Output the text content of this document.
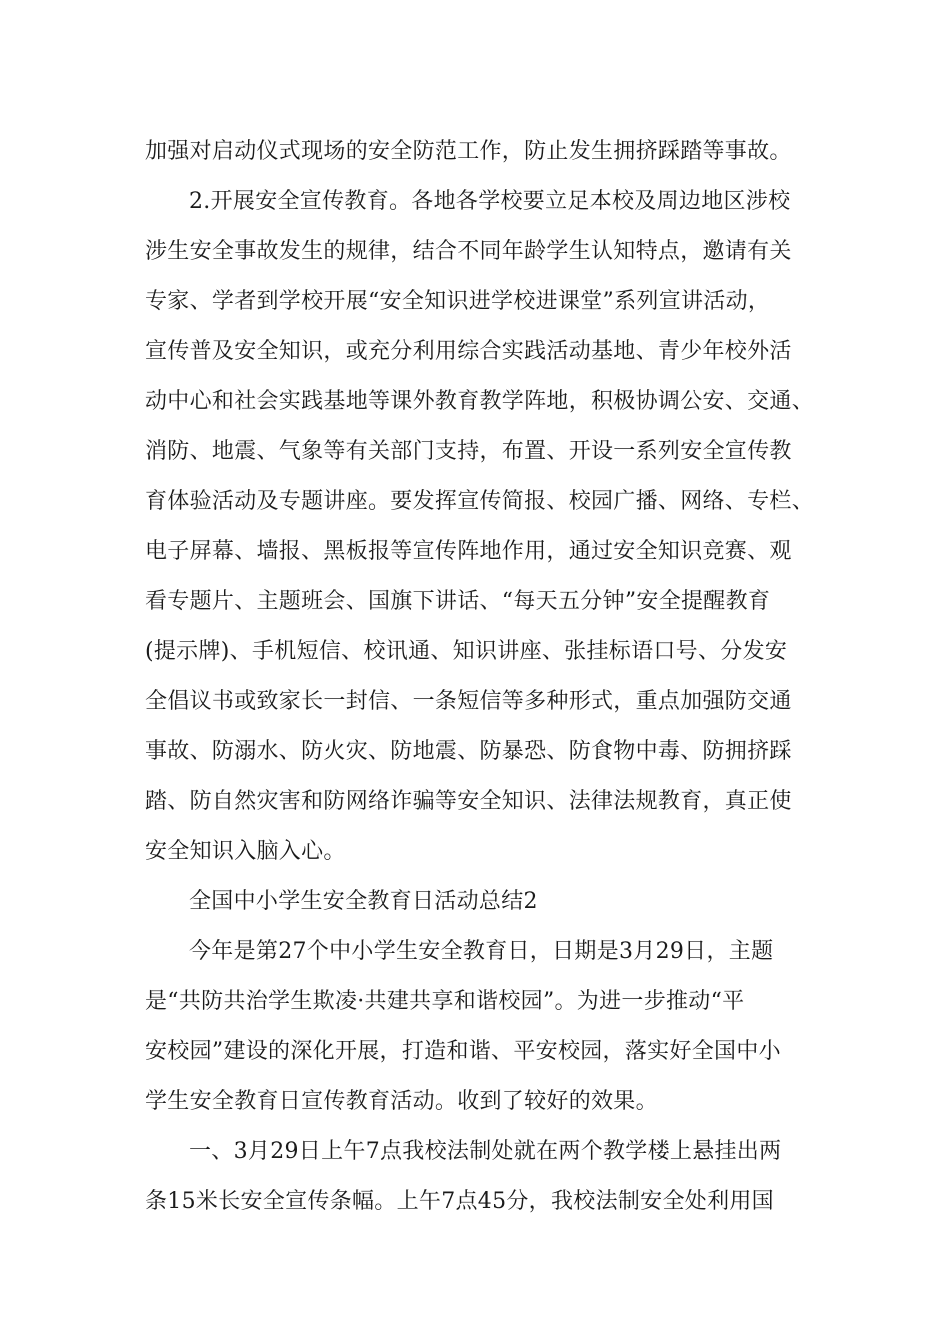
加强对启动仪式现场的安全防范工作，防止发生拥挤踩踏等事故。
2.开展安全宣传教育。各地各学校要立足本校及周边地区涉校
涉生安全事故发生的规律，结合不同年龄学生认知特点，邀请有关
专家、学者到学校开展“安全知识进学校进课堂”系列宣讲活动，
宣传普及安全知识，或充分利用综合实践活动基地、青少年校外活
动中心和社会实践基地等课外教育教学阵地，积极协调公安、交通、
消防、地震、气象等有关部门支持，布置、开设一系列安全宣传教
育体验活动及专题讲座。要发挥宣传简报、校园广播、网络、专栏、
电子屏幕、墙报、黑板报等宣传阵地作用，通过安全知识竞赛、观
看专题片、主题班会、国旗下讲话、“每天五分钟”安全提醒教育
(提示牌)、手机短信、校讯通、知识讲座、张挂标语口号、分发安
全倡议书或致家长一封信、一条短信等多种形式，重点加强防交通
事故、防溺水、防火灾、防地震、防暴恐、防食物中毒、防拥挤踩
踏、防自然灾害和防网络诈骗等安全知识、法律法规教育，真正使
安全知识入脑入心。
全国中小学生安全教育日活动总结2
今年是第27个中小学生安全教育日，日期是3月29日，主题
是“共防共治学生欺凌·共建共享和谐校园”。为进一步推动“平
安校园”建设的深化开展，打造和谐、平安校园，落实好全国中小
学生安全教育日宣传教育活动。收到了较好的效果。
一、3月29日上午7点我校法制处就在两个教学楼上悬挂出两
条15米长安全宣传条幅。上午7点45分，我校法制安全处利用国
